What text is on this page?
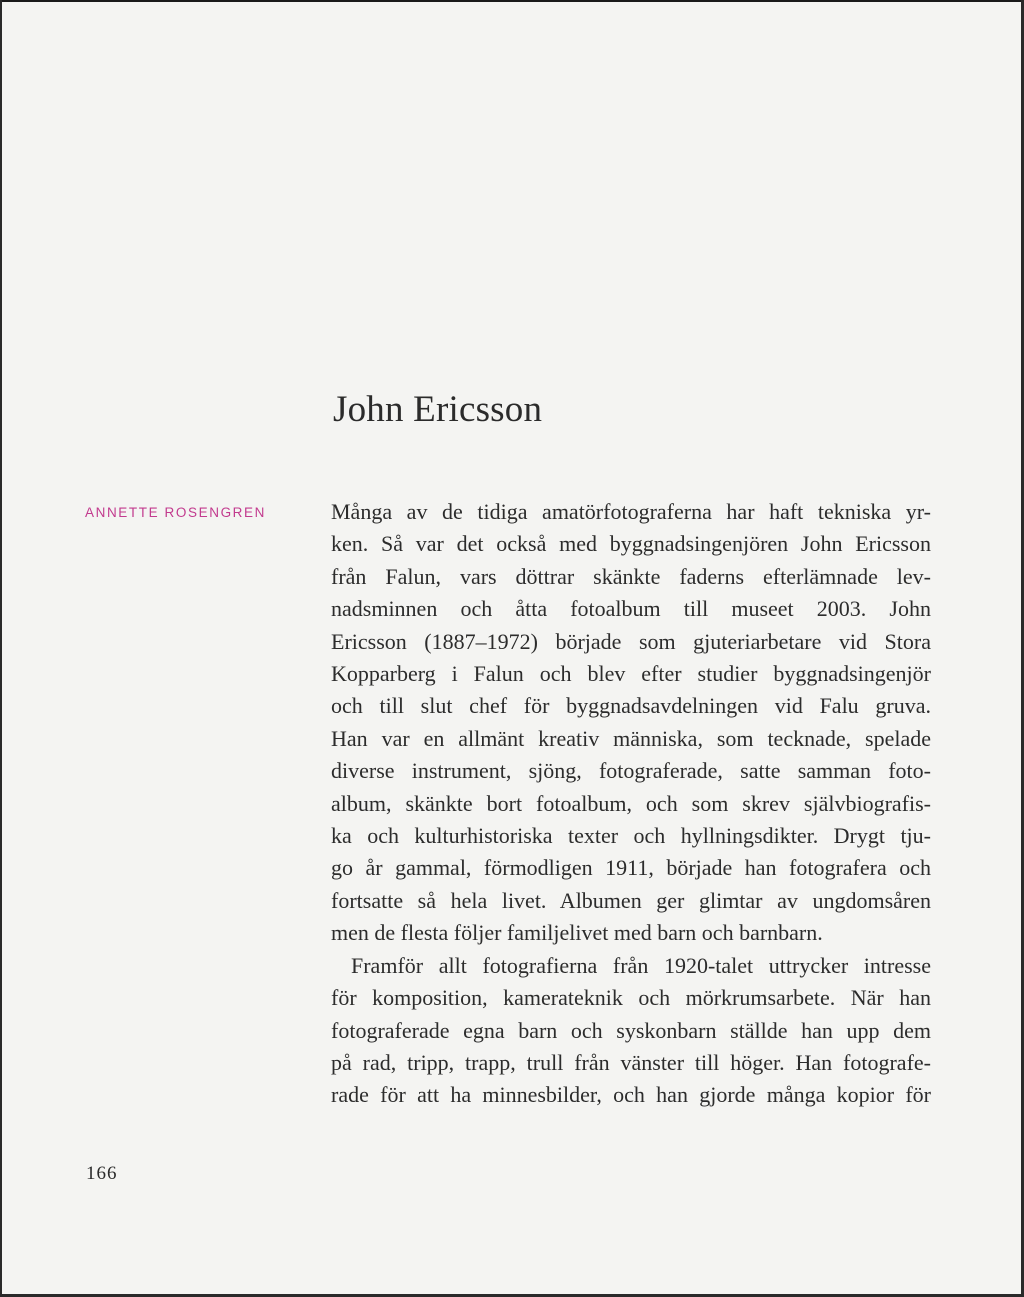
John Ericsson
ANNETTE ROSENGREN	Många av de tidiga amatörfotograferna har haft tekniska yr-
ken. Så var det också med byggnadsingenjören John Ericsson
från Falun, vars döttrar skänkte faderns efterlämnade lev-
nadsminnen och åtta fotoalbum till museet 2003. John
Ericsson (1887–1972) började som gjuteriarbetare vid Stora
Kopparberg i Falun och blev efter studier byggnadsingenjör
och till slut chef för byggnadsavdelningen vid Falu gruva.
Han var en allmänt kreativ människa, som tecknade, spelade
diverse instrument, sjöng, fotograferade, satte samman foto-
album, skänkte bort fotoalbum, och som skrev självbiografis-
ka och kulturhistoriska texter och hyllningsdikter. Drygt tju-
go år gammal, förmodligen 1911, började han fotografera och
fortsatte så hela livet. Albumen ger glimtar av ungdomsåren
men de flesta följer familjelivet med barn och barnbarn.
Framför allt fotografierna från 1920-talet uttrycker intresse
för komposition, kamerateknik och mörkrumsarbete. När han
fotograferade egna barn och syskonbarn ställde han upp dem
på rad, tripp, trapp, trull från vänster till höger. Han fotografe-
rade för att ha minnesbilder, och han gjorde många kopior för
166
